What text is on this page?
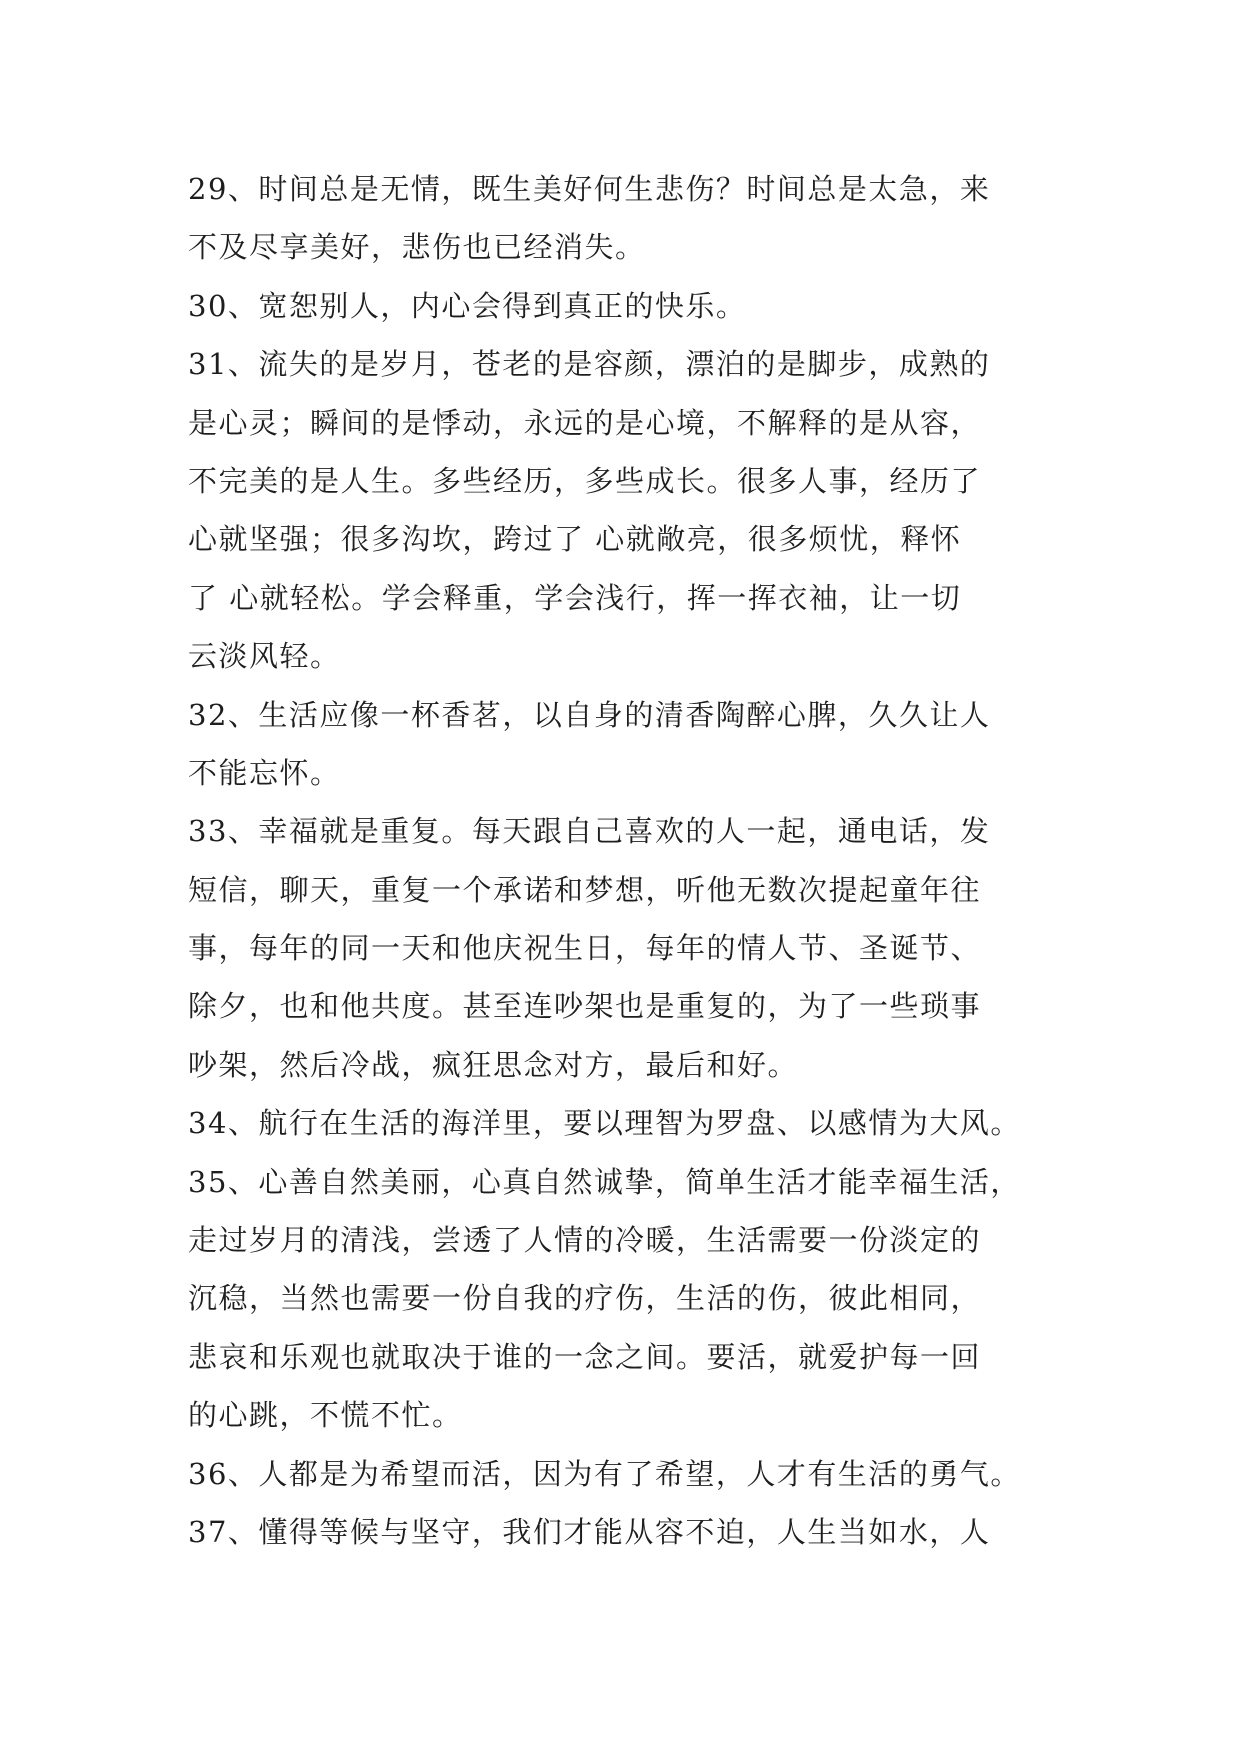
29、时间总是无情，既生美好何生悲伤？时间总是太急，来
不及尽享美好，悲伤也已经消失。
30、宽恕别人，内心会得到真正的快乐。
31、流失的是岁月，苍老的是容颜，漂泊的是脚步，成熟的
是心灵；瞬间的是悸动，永远的是心境，不解释的是从容，
不完美的是人生。多些经历，多些成长。很多人事，经历了
心就坚强；很多沟坎，跨过了 心就敞亮，很多烦忧，释怀
了 心就轻松。学会释重，学会浅行，挥一挥衣袖，让一切
云淡风轻。
32、生活应像一杯香茗，以自身的清香陶醉心脾，久久让人
不能忘怀。
33、幸福就是重复。每天跟自己喜欢的人一起，通电话，发
短信，聊天，重复一个承诺和梦想，听他无数次提起童年往
事，每年的同一天和他庆祝生日，每年的情人节、圣诞节、
除夕，也和他共度。甚至连吵架也是重复的，为了一些琐事
吵架，然后冷战，疯狂思念对方，最后和好。
34、航行在生活的海洋里，要以理智为罗盘、以感情为大风。
35、心善自然美丽，心真自然诚挚，简单生活才能幸福生活，
走过岁月的清浅，尝透了人情的冷暖，生活需要一份淡定的
沉稳，当然也需要一份自我的疗伤，生活的伤，彼此相同，
悲哀和乐观也就取决于谁的一念之间。要活，就爱护每一回
的心跳，不慌不忙。
36、人都是为希望而活，因为有了希望，人才有生活的勇气。
37、懂得等候与坚守，我们才能从容不迫，人生当如水，人
